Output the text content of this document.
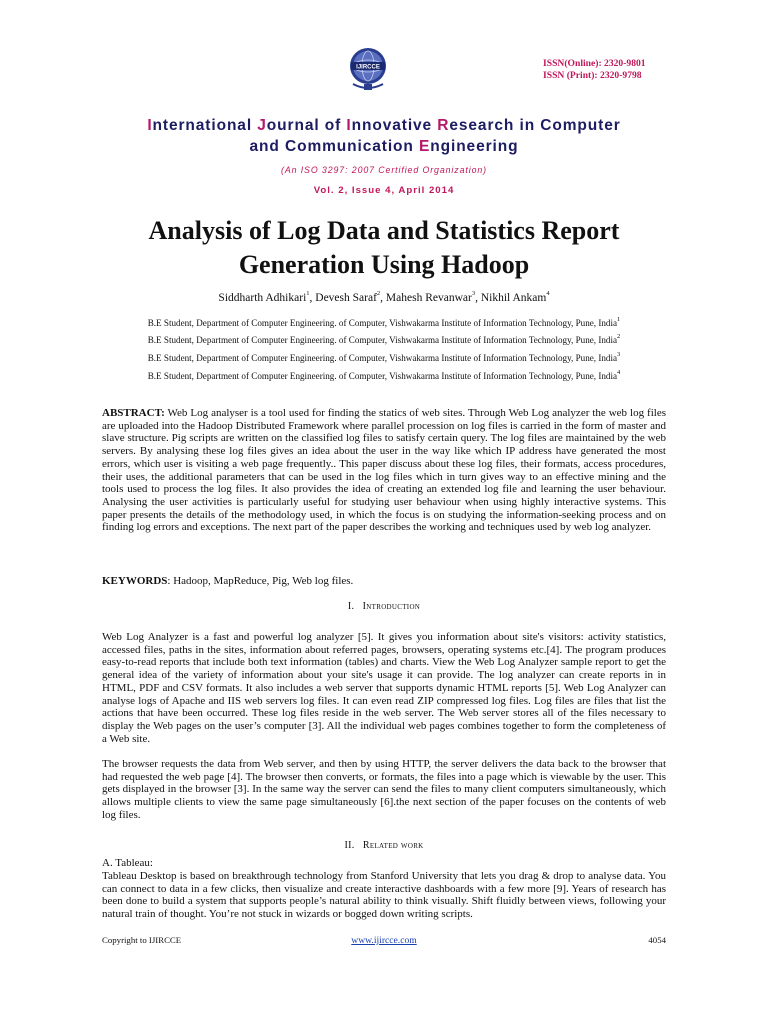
IJIRCCE	ISSN(Online): 2320-9801
ISSN (Print): 2320-9798
International Journal of Innovative Research in Computer
and Communication Engineering
(An ISO 3297: 2007 Certified Organization)
Vol. 2, Issue 4, April 2014
Analysis of Log Data and Statistics Report
Generation Using Hadoop
Siddharth Adhikari$^1$, Devesh Saraf$^2$, Mahesh Revanwar$^3$, Nikhil Ankam$^4$
B.E Student, Department of Computer Engineering. of Computer, Vishwakarma Institute of Information Technology, Pune, India$^1$
B.E Student, Department of Computer Engineering. of Computer, Vishwakarma Institute of Information Technology, Pune, India$^2$
B.E Student, Department of Computer Engineering. of Computer, Vishwakarma Institute of Information Technology, Pune, India$^3$
B.E Student, Department of Computer Engineering. of Computer, Vishwakarma Institute of Information Technology, Pune, India$^4$
ABSTRACT: Web Log analyser is a tool used for finding the statics of web sites. Through Web Log analyzer the web log files are uploaded into the Hadoop Distributed Framework where parallel procession on log files is carried in the form of master and slave structure. Pig scripts are written on the classified log files to satisfy certain query. The log files are maintained by the web servers. By analysing these log files gives an idea about the user in the way like which IP address have generated the most errors, which user is visiting a web page frequently.. This paper discuss about these log files, their formats, access procedures, their uses, the additional parameters that can be used in the log files which in turn gives way to an effective mining and the tools used to process the log files. It also provides the idea of creating an extended log file and learning the user behaviour. Analysing the user activities is particularly useful for studying user behaviour when using highly interactive systems. This paper presents the details of the methodology used, in which the focus is on studying the information-seeking process and on finding log errors and exceptions. The next part of the paper describes the working and techniques used by web log analyzer.
KEYWORDS: Hadoop, MapReduce, Pig, Web log files.
I. Introduction
Web Log Analyzer is a fast and powerful log analyzer [5]. It gives you information about site's visitors: activity statistics, accessed files, paths in the sites, information about referred pages, browsers, operating systems etc.[4]. The program produces easy-to-read reports that include both text information (tables) and charts. View the Web Log Analyzer sample report to get the general idea of the variety of information about your site's usage it can provide. The log analyzer can create reports in in HTML, PDF and CSV formats. It also includes a web server that supports dynamic HTML reports [5]. Web Log Analyzer can analyse logs of Apache and IIS web servers log files. It can even read ZIP compressed log files. Log files are files that list the actions that have been occurred. These log files reside in the web server. The Web server stores all of the files necessary to display the Web pages on the user’s computer [3]. All the individual web pages combines together to form the completeness of a Web site.
The browser requests the data from Web server, and then by using HTTP, the server delivers the data back to the browser that had requested the web page [4]. The browser then converts, or formats, the files into a page which is viewable by the user. This gets displayed in the browser [3]. In the same way the server can send the files to many client computers simultaneously, which allows multiple clients to view the same page simultaneously [6].the next section of the paper focuses on the contents of web log files.
II. Related work
A. Tableau:
Tableau Desktop is based on breakthrough technology from Stanford University that lets you drag & drop to analyse data. You can connect to data in a few clicks, then visualize and create interactive dashboards with a few more [9]. Years of research has been done to build a system that supports people’s natural ability to think visually. Shift fluidly between views, following your natural train of thought. You’re not stuck in wizards or bogged down writing scripts.
Copyright to IJIRCCE	www.ijircce.com	4054
